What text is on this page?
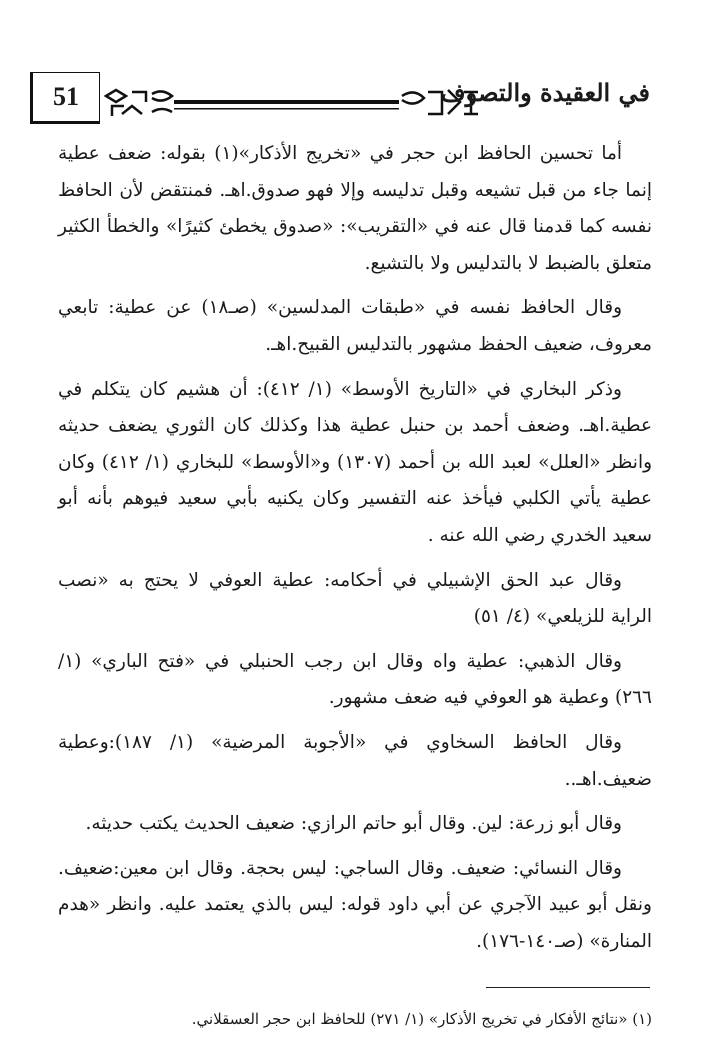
51	في العقيدة والتصوف

أما تحسين الحافظ ابن حجر في «تخريج الأذكار»(١) بقوله: ضعف عطية إنما جاء من قبل تشيعه وقبل تدليسه وإلا فهو صدوق.اهـ. فمنتقض لأن الحافظ نفسه كما قدمنا قال عنه في «التقريب»: «صدوق يخطئ كثيرًا» والخطأ الكثير متعلق بالضبط لا بالتدليس ولا بالتشيع.

وقال الحافظ نفسه في «طبقات المدلسين» (صـ١٨) عن عطية: تابعي معروف، ضعيف الحفظ مشهور بالتدليس القبيح.اهـ.

وذكر البخاري في «التاريخ الأوسط» (١/ ٤١٢): أن هشيم كان يتكلم في عطية.اهـ. وضعف أحمد بن حنبل عطية هذا وكذلك كان الثوري يضعف حديثه وانظر «العلل» لعبد الله بن أحمد (١٣٠٧) و«الأوسط» للبخاري (١/ ٤١٢) وكان عطية يأتي الكلبي فيأخذ عنه التفسير وكان يكنيه بأبي سعيد فيوهم بأنه أبو سعيد الخدري رضي الله عنه .

وقال عبد الحق الإشبيلي في أحكامه: عطية العوفي لا يحتج به «نصب الراية للزيلعي» (٤/ ٥١)

وقال الذهبي: عطية واه وقال ابن رجب الحنبلي في «فتح الباري» (١/ ٢٦٦) وعطية هو العوفي فيه ضعف مشهور.

وقال الحافظ السخاوي في «الأجوبة المرضية» (١/ ١٨٧):وعطية ضعيف.اهـ..

وقال أبو زرعة: لين. وقال أبو حاتم الرازي: ضعيف الحديث يكتب حديثه.

وقال النسائي: ضعيف. وقال الساجي: ليس بحجة. وقال ابن معين:ضعيف. ونقل أبو عبيد الآجري عن أبي داود قوله: ليس بالذي يعتمد عليه. وانظر «هدم المنارة» (صـ١٤٠-١٧٦).

(١) «نتائج الأفكار في تخريج الأذكار» (١/ ٢٧١) للحافظ ابن حجر العسقلاني.
